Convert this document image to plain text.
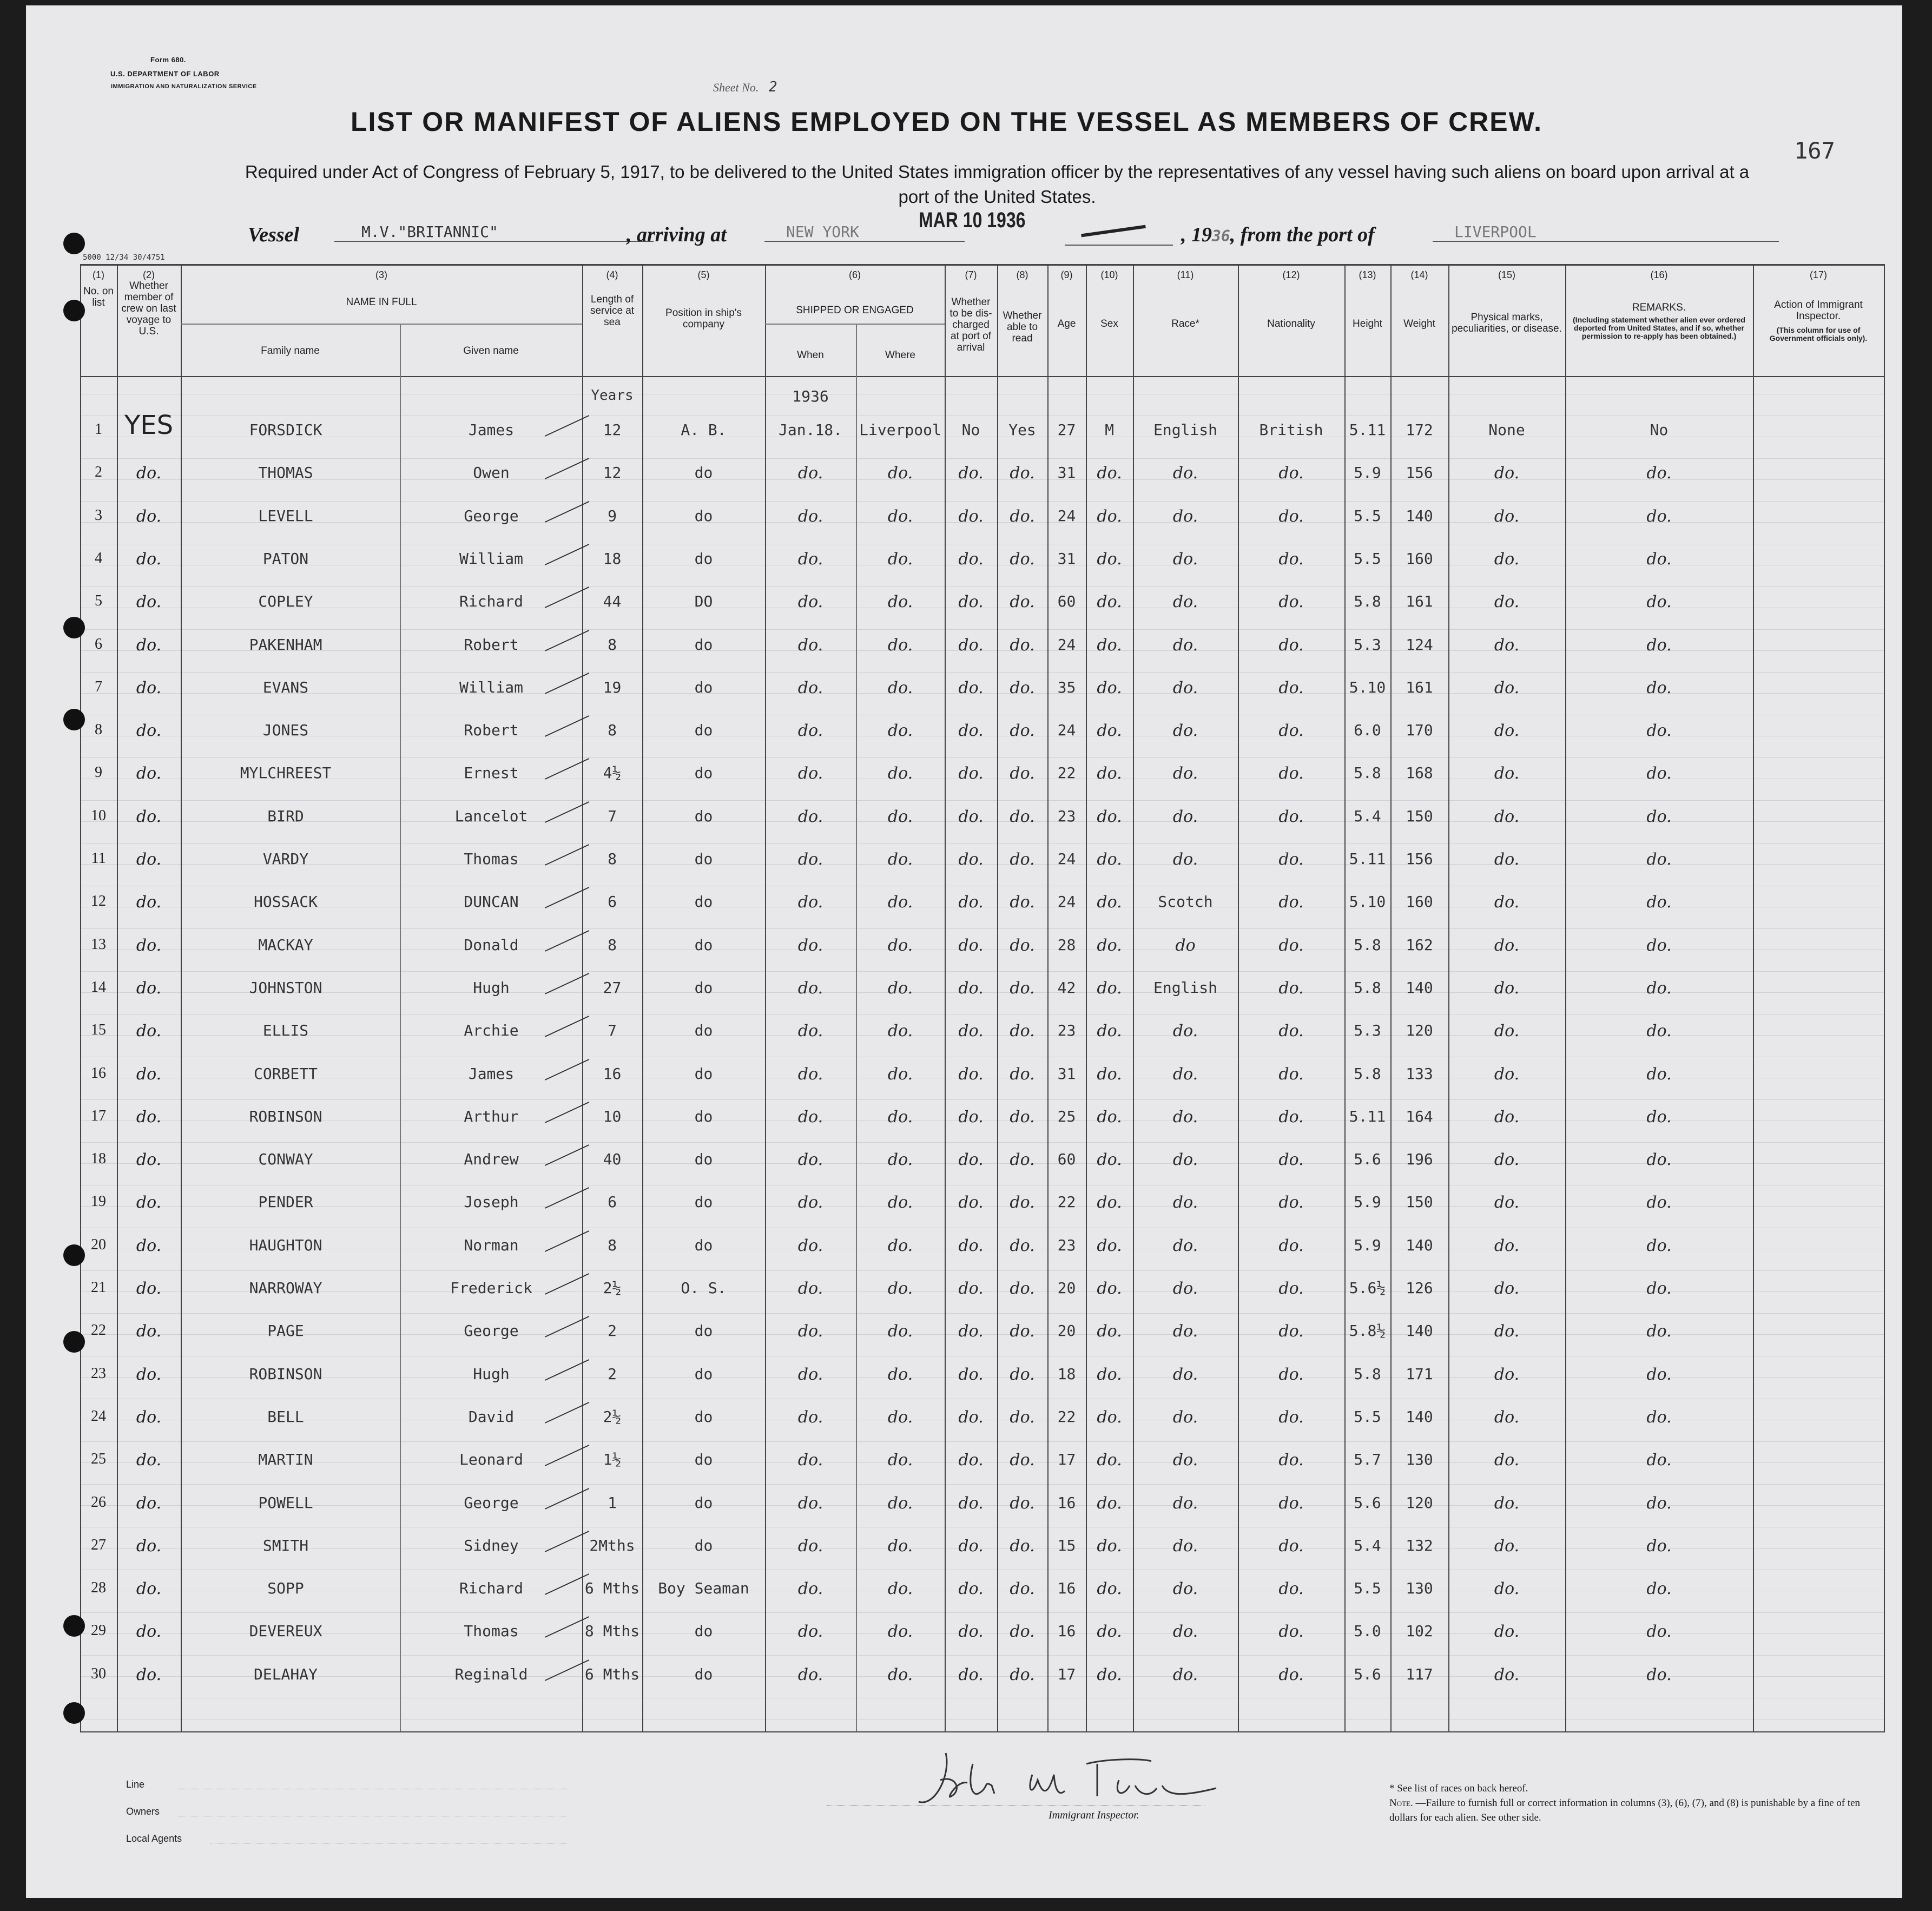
Form 680.
U.S. DEPARTMENT OF LABOR
IMMIGRATION AND NATURALIZATION SERVICE	Sheet No. 2
LIST OR MANIFEST OF ALIENS EMPLOYED ON THE VESSEL AS MEMBERS OF CREW.
Required under Act of Congress of February 5, 1917, to be delivered to the United States immigration officer by the representatives of any vessel having such aliens on board upon arrival at a port of the United States.
167
Vessel	M.V."BRITANNIC"	, arriving at	NEW YORK	MAR 10 1936
, 1936, from the port of	LIVERPOOL
5000 12/34 30/4751
(1)	(2)	(3)	(4)	(5)	(6)	(7)	(8)	(9)	(10)	(11)	(12)	(13)	(14)	(15)	(16)	(17)
No. on list
Whether member of crew on last voyage to U.S.
NAME IN FULL
Family name	Given name
Length of service at sea
Position in ship's company
SHIPPED OR ENGAGED
When	Where
Whether to be dis-charged at port of arrival
Whether able to read
Age	Sex	Race*	Nationality	Height	Weight
Physical marks, peculiarities, or disease.
REMARKS.	Action of Immigrant Inspector.
(Including statement whether alien ever ordered deported from United States, and if so, whether permission to re-apply has been obtained.)
(This column for use of Government officials only).
Years	1936
1 YES	FORSDICK	James	12	A. B.	Jan.18.	Liverpool	No	Yes	27	M	English	British	5.11	172	None	No
2	do.	THOMAS	Owen	12	do	do.	do.	do.	do.	31	do.	do.	do.	5.9	156	do.	do.
3	do.	LEVELL	George	9	do	do.	do.	do.	do.	24	do.	do.	do.	5.5	140	do.	do.
4	do.	PATON	William	18	do	do.	do.	do.	do.	31	do.	do.	do.	5.5	160	do.	do.
5	do.	COPLEY	Richard	44	DO	do.	do.	do.	do.	60	do.	do.	do.	5.8	161	do.	do.
6	do.	PAKENHAM	Robert	8	do	do.	do.	do.	do.	24	do.	do.	do.	5.3	124	do.	do.
7	do.	EVANS	William	19	do	do.	do.	do.	do.	35	do.	do.	do.	5.10	161	do.	do.
8	do.	JONES	Robert	8	do	do.	do.	do.	do.	24	do.	do.	do.	6.0	170	do.	do.
9	do.	MYLCHREEST	Ernest	4½	do	do.	do.	do.	do.	22	do.	do.	do.	5.8	168	do.	do.
10	do.	BIRD	Lancelot	7	do	do.	do.	do.	do.	23	do.	do.	do.	5.4	150	do.	do.
11	do.	VARDY	Thomas	8	do	do.	do.	do.	do.	24	do.	do.	do.	5.11	156	do.	do.
12	do.	HOSSACK	DUNCAN	6	do	do.	do.	do.	do.	24	do.	Scotch	do.	5.10	160	do.	do.
13	do.	MACKAY	Donald	8	do	do.	do.	do.	do.	28	do.	do	do.	5.8	162	do.	do.
14	do.	JOHNSTON	Hugh	27	do	do.	do.	do.	do.	42	do.	English	do.	5.8	140	do.	do.
15	do.	ELLIS	Archie	7	do	do.	do.	do.	do.	23	do.	do.	do.	5.3	120	do.	do.
16	do.	CORBETT	James	16	do	do.	do.	do.	do.	31	do.	do.	do.	5.8	133	do.	do.
17	do.	ROBINSON	Arthur	10	do	do.	do.	do.	do.	25	do.	do.	do.	5.11	164	do.	do.
18	do.	CONWAY	Andrew	40	do	do.	do.	do.	do.	60	do.	do.	do.	5.6	196	do.	do.
19	do.	PENDER	Joseph	6	do	do.	do.	do.	do.	22	do.	do.	do.	5.9	150	do.	do.
20	do.	HAUGHTON	Norman	8	do	do.	do.	do.	do.	23	do.	do.	do.	5.9	140	do.	do.
21	do.	NARROWAY	Frederick	2½	O. S.	do.	do.	do.	do.	20	do.	do.	do.	5.6½	126	do.	do.
22	do.	PAGE	George	2	do	do.	do.	do.	do.	20	do.	do.	do.	5.8½	140	do.	do.
23	do.	ROBINSON	Hugh	2	do	do.	do.	do.	do.	18	do.	do.	do.	5.8	171	do.	do.
24	do.	BELL	David	2½	do	do.	do.	do.	do.	22	do.	do.	do.	5.5	140	do.	do.
25	do.	MARTIN	Leonard	1½	do	do.	do.	do.	do.	17	do.	do.	do.	5.7	130	do.	do.
26	do.	POWELL	George	1	do	do.	do.	do.	do.	16	do.	do.	do.	5.6	120	do.	do.
27	do.	SMITH	Sidney	2Mths	do	do.	do.	do.	do.	15	do.	do.	do.	5.4	132	do.	do.
28	do.	SOPP	Richard	6 Mths	Boy Seaman	do.	do.	do.	do.	16	do.	do.	do.	5.5	130	do.	do.
29	do.	DEVEREUX	Thomas	8 Mths	do	do.	do.	do.	do.	16	do.	do.	do.	5.0	102	do.	do.
30	do.	DELAHAY	Reginald	6 Mths	do	do.	do.	do.	do.	17	do.	do.	do.	5.6	117	do.	do.
Line
Owners
Local Agents
Immigrant Inspector.
* See list of races on back hereof.
Note. —Failure to furnish full or correct information in columns (3), (6), (7), and (8) is punishable by a fine of ten dollars for each alien. See other side.
